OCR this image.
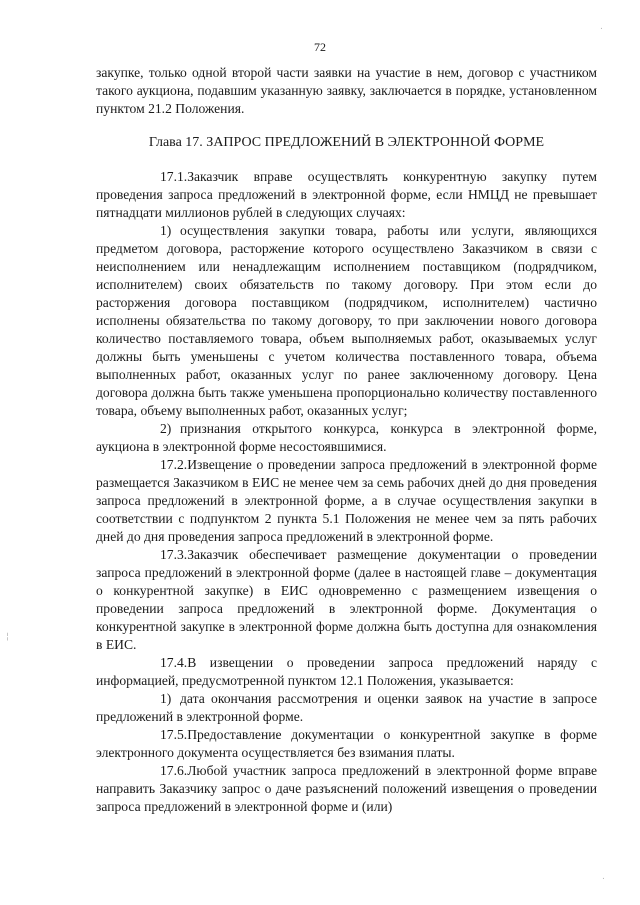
72
.
¦
.

закупке, только одной второй части заявки на участие в нем, договор с участником такого аукциона, подавшим указанную заявку, заключается в порядке, установленном пунктом 21.2 Положения.

Глава 17. ЗАПРОС ПРЕДЛОЖЕНИЙ В ЭЛЕКТРОННОЙ ФОРМЕ

17.1.Заказчик вправе осуществлять конкурентную закупку путем проведения запроса предложений в электронной форме, если НМЦД не превышает пятнадцати миллионов рублей в следующих случаях:

1) осуществления закупки товара, работы или услуги, являющихся предметом договора, расторжение которого осуществлено Заказчиком в связи с неисполнением или ненадлежащим исполнением поставщиком (подрядчиком, исполнителем) своих обязательств по такому договору. При этом если до расторжения договора поставщиком (подрядчиком, исполнителем) частично исполнены обязательства по такому договору, то при заключении нового договора количество поставляемого товара, объем выполняемых работ, оказываемых услуг должны быть уменьшены с учетом количества поставленного товара, объема выполненных работ, оказанных услуг по ранее заключенному договору. Цена договора должна быть также уменьшена пропорционально количеству поставленного товара, объему выполненных работ, оказанных услуг;

2) признания открытого конкурса, конкурса в электронной форме, аукциона в электронной форме несостоявшимися.

17.2.Извещение о проведении запроса предложений в электронной форме размещается Заказчиком в ЕИС не менее чем за семь рабочих дней до дня проведения запроса предложений в электронной форме, а в случае осуществления закупки в соответствии с подпунктом 2 пункта 5.1 Положения не менее чем за пять рабочих дней до дня проведения запроса предложений в электронной форме.

17.3.Заказчик обеспечивает размещение документации о проведении запроса предложений в электронной форме (далее в настоящей главе – документация о конкурентной закупке) в ЕИС одновременно с размещением извещения о проведении запроса предложений в электронной форме. Документация о конкурентной закупке в электронной форме должна быть доступна для ознакомления в ЕИС.

17.4.В извещении о проведении запроса предложений наряду с информацией, предусмотренной пунктом 12.1 Положения, указывается:

1) дата окончания рассмотрения и оценки заявок на участие в запросе предложений в электронной форме.

17.5.Предоставление документации о конкурентной закупке в форме электронного документа осуществляется без взимания платы.

17.6.Любой участник запроса предложений в электронной форме вправе направить Заказчику запрос о даче разъяснений положений извещения о проведении запроса предложений в электронной форме и (или)
